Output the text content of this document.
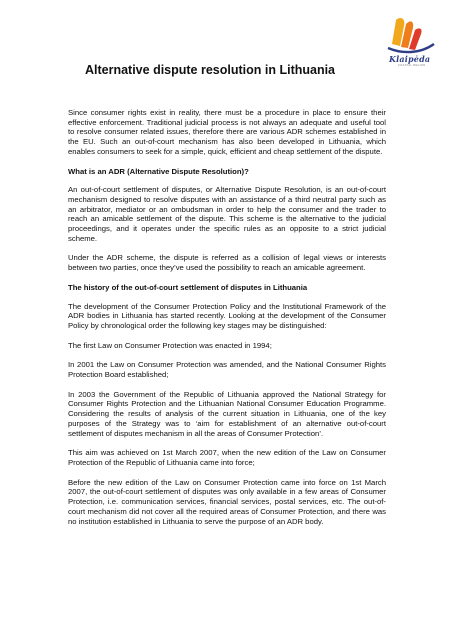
Klaipėda
COASTAL REGION
Alternative dispute resolution in Lithuania

Since consumer rights exist in reality, there must be a procedure in place to ensure their effective enforcement. Traditional judicial process is not always an adequate and useful tool to resolve consumer related issues, therefore there are various ADR schemes established in the EU. Such an out-of-court mechanism has also been developed in Lithuania, which enables consumers to seek for a simple, quick, efficient and cheap settlement of the dispute.

What is an ADR (Alternative Dispute Resolution)?

An out-of-court settlement of disputes, or Alternative Dispute Resolution, is an out-of-court mechanism designed to resolve disputes with an assistance of a third neutral party such as an arbitrator, mediator or an ombudsman in order to help the consumer and the trader to reach an amicable settlement of the dispute. This scheme is the alternative to the judicial proceedings, and it operates under the specific rules as an opposite to a strict judicial scheme.

Under the ADR scheme, the dispute is referred as a collision of legal views or interests between two parties, once they’ve used the possibility to reach an amicable agreement.

The history of the out-of-court settlement of disputes in Lithuania

The development of the Consumer Protection Policy and the Institutional Framework of the ADR bodies in Lithuania has started recently. Looking at the development of the Consumer Policy by chronological order the following key stages may be distinguished:

The first Law on Consumer Protection was enacted in 1994;

In 2001 the Law on Consumer Protection was amended, and the National Consumer Rights Protection Board established;

In 2003 the Government of the Republic of Lithuania approved the National Strategy for Consumer Rights Protection and the Lithuanian National Consumer Education Programme. Considering the results of analysis of the current situation in Lithuania, one of the key purposes of the Strategy was to ‘aim for establishment of an alternative out-of-court settlement of disputes mechanism in all the areas of Consumer Protection’.

This aim was achieved on 1st March 2007, when the new edition of the Law on Consumer Protection of the Republic of Lithuania came into force;

Before the new edition of the Law on Consumer Protection came into force on 1st March 2007, the out-of-court settlement of disputes was only available in a few areas of Consumer Protection, i.e. communication services, financial services, postal services, etc. The out-of-court mechanism did not cover all the required areas of Consumer Protection, and there was no institution established in Lithuania to serve the purpose of an ADR body.
